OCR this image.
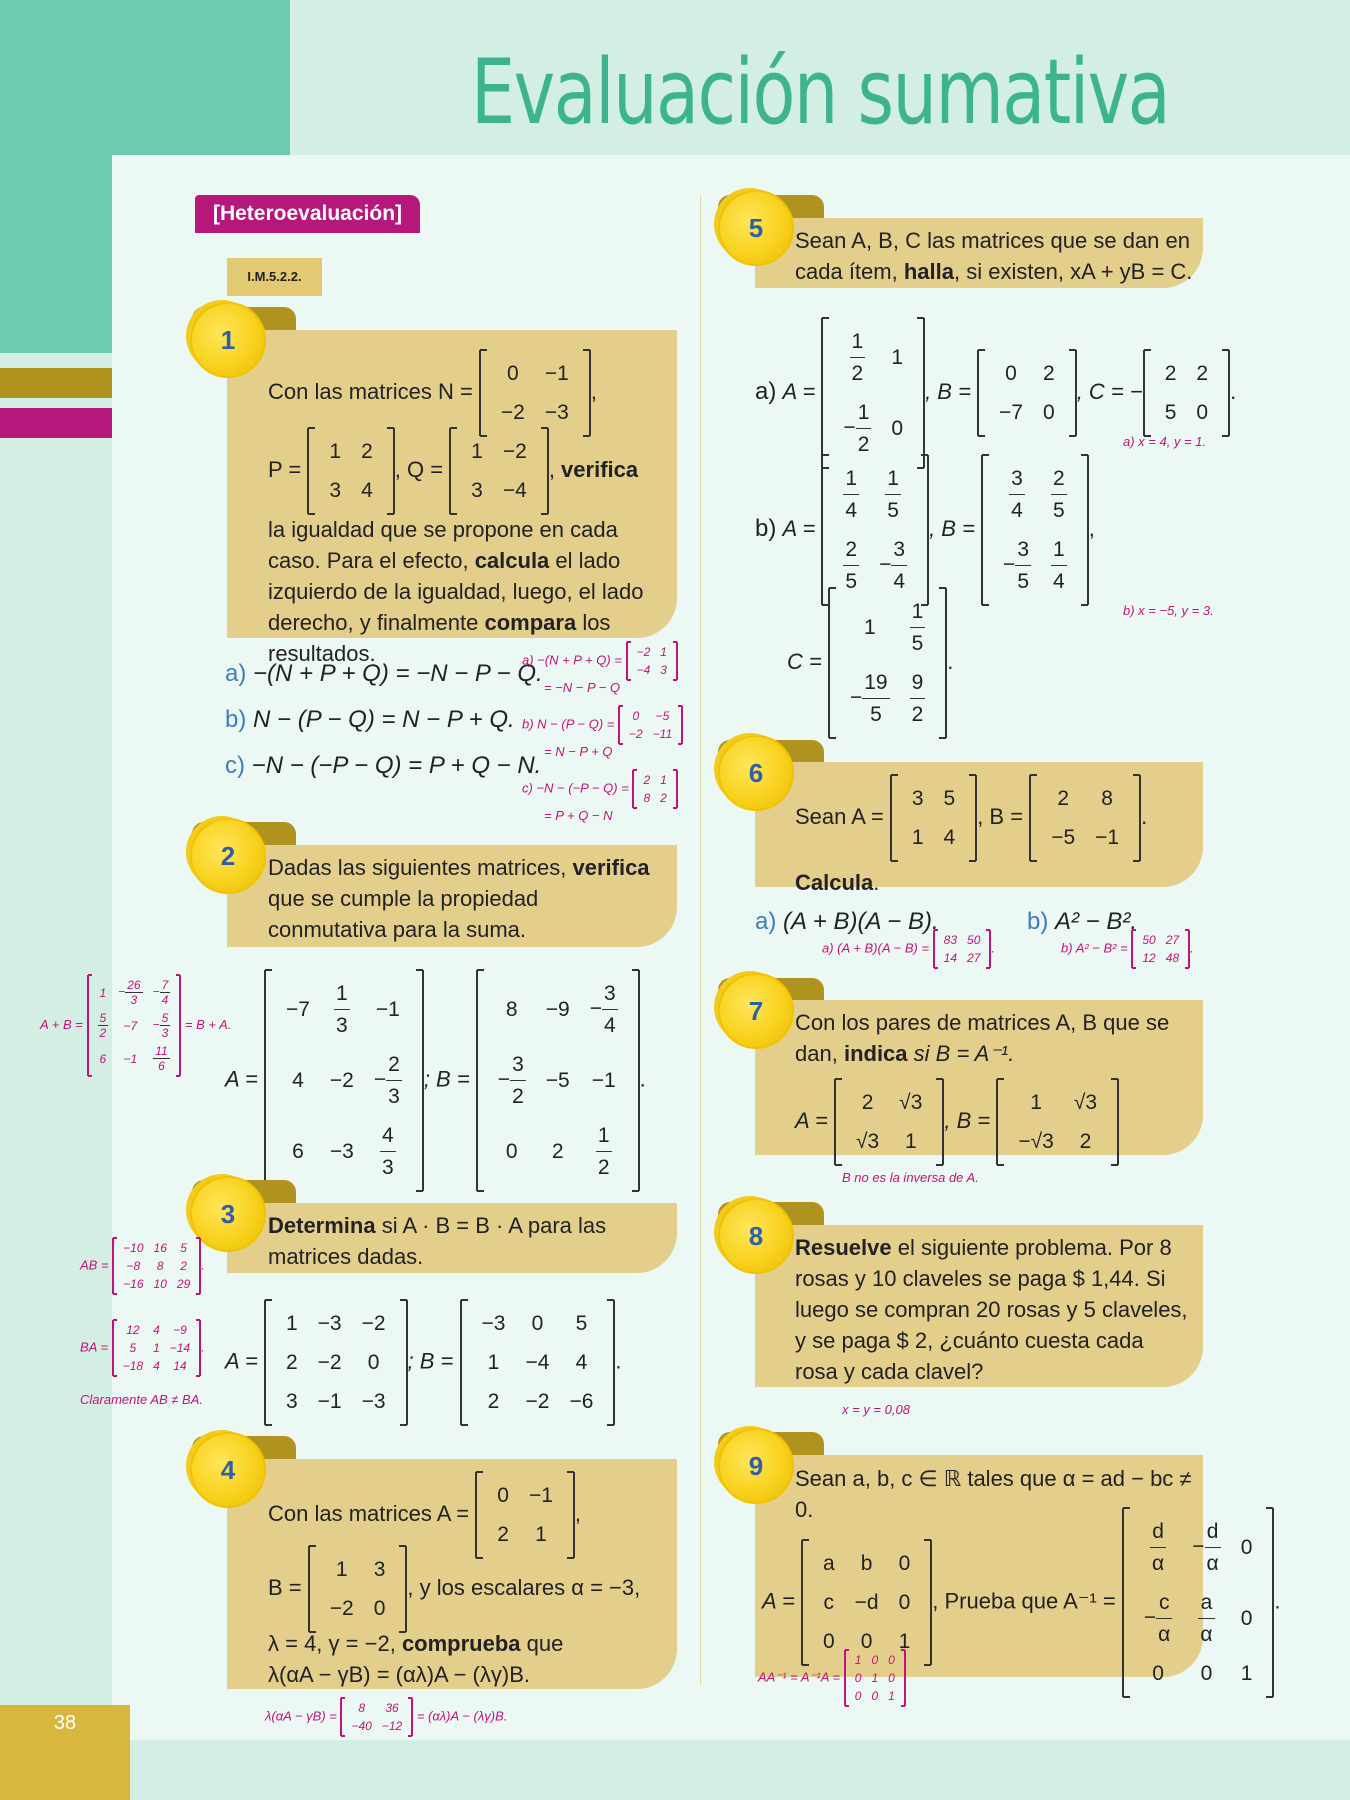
38
Evaluación sumativa
[Heteroevaluación]
I.M.5.2.2.
1
Con las matrices N =
0	−1
−2	−3
,
P =
1	2
3	4
, Q =
1	−2
3	−4
, verifica
la igualdad que se propone en cada caso. Para el efecto, calcula el lado izquierdo de la igualdad, luego, el lado derecho, y finalmente compara los resultados.
a) −(N + P + Q) = −N − P − Q.
b) N − (P − Q) = N − P + Q.
c) −N − (−P − Q) = P + Q − N.
a) −(N + P + Q) =
−2	1
−4	3
= −N − P − Q
b) N − (P − Q) =
0	−5
−2	−11
= N − P + Q
c) −N − (−P − Q) =
2	1
8	2
= P + Q − N
2	Dadas las siguientes matrices, verifica que se cumple la propiedad conmutativa para la suma.
A =
−7	$\frac{1}{3}$	−1
4	−2	− $\frac{2}{3}$

6	−3	$\frac{4}{3}$
; B =
8	−9	− $\frac{3}{4}$

− $\frac{3}{2}$	−5	−1
0	2	$\frac{1}{2}$
.
A + B =
1	− $\frac{26}{3}$	− $\frac{7}{4}$

$\frac{5}{2}$	−7	− $\frac{5}{3}$

6	−1	$\frac{11}{6}$
= B + A.
3	Determina si A · B = B · A para las matrices dadas.
A =
1	−3	−2
2	−2	0
3	−1	−3
; B =
−3	0	5
1	−4	4
2	−2	−6
.
AB =
−10	16	5
−8	8	2
−16	10	29
.
BA =
12	4	−9
5	1	−14
−18	4	14
.
Claramente AB ≠ BA.
4
Con las matrices A =
0	−1
2	1
,
B =
1	3
−2	0
, y los escalares α = −3,
λ = 4, γ = −2, comprueba que
λ(αA − γB) = (αλ)A − (λγ)B.
λ(αA − γB) =
8	36
−40	−12
= (αλ)A − (λγ)B.
5	Sean A, B, C las matrices que se dan en cada ítem, halla, si existen, xA + yB = C.
a) A =
$\frac{1}{2}$	1
− $\frac{1}{2}$	0
, B =
0	2
−7	0
, C = −
2	2
5	0
.
a) x = 4, y = 1.
b) A =
$\frac{1}{4}$	$\frac{1}{5}$

$\frac{2}{5}$	− $\frac{3}{4}$
, B =
$\frac{3}{4}$	$\frac{2}{5}$

− $\frac{3}{5}$	$\frac{1}{4}$
,
C =
1	$\frac{1}{5}$

− $\frac{19}{5}$	$\frac{9}{2}$
.
b) x = −5, y = 3.
6
Sean A =
3	5
1	4
, B =
2	8
−5	−1
.
Calcula.
a) (A + B)(A − B).	b) A² − B².
a) (A + B)(A − B) =
83	50
14	27
.	b) A² − B² =
50	27
12	48
.
7	Con los pares de matrices A, B que se dan, indica si B = A⁻¹.
A =
2	√3
√3	1
, B =
1	√3
−√3	2
B no es la inversa de A.
8	Resuelve el siguiente problema. Por 8 rosas y 10 claveles se paga $ 1,44. Si luego se compran 20 rosas y 5 claveles, y se paga $ 2, ¿cuánto cuesta cada rosa y cada clavel?
x = y = 0,08
9	Sean a, b, c ∈ ℝ tales que α = ad − bc ≠ 0.
A =
a	b	0
c	−d	0
0	0	1
, Prueba que A⁻¹ =
$\frac{d}{\alpha}$	− $\frac{d}{\alpha}$	0
− $\frac{c}{\alpha}$	$\frac{a}{\alpha}$	0
0	0	1
.
AA⁻¹ = A⁻¹A =
1	0	0
0	1	0
0	0	1
